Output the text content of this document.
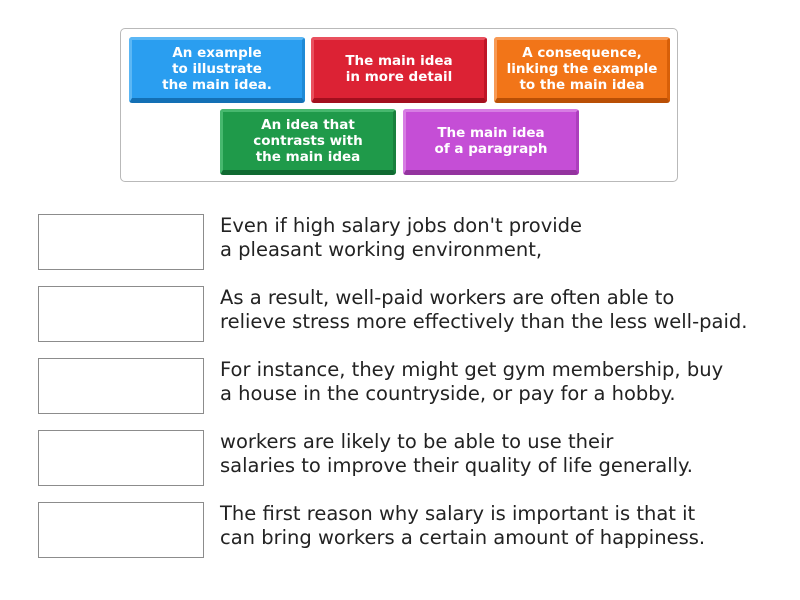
An example
to illustrate
the main idea.
The main idea
in more detail
A consequence,
linking the example
to the main idea
An idea that
contrasts with
the main idea
The main idea
of a paragraph
Even if high salary jobs don't provide
a pleasant working environment,
As a result, well-paid workers are often able to
relieve stress more effectively than the less well-paid.
For instance, they might get gym membership, buy
a house in the countryside, or pay for a hobby.
workers are likely to be able to use their
salaries to improve their quality of life generally.
The first reason why salary is important is that it
can bring workers a certain amount of happiness.
